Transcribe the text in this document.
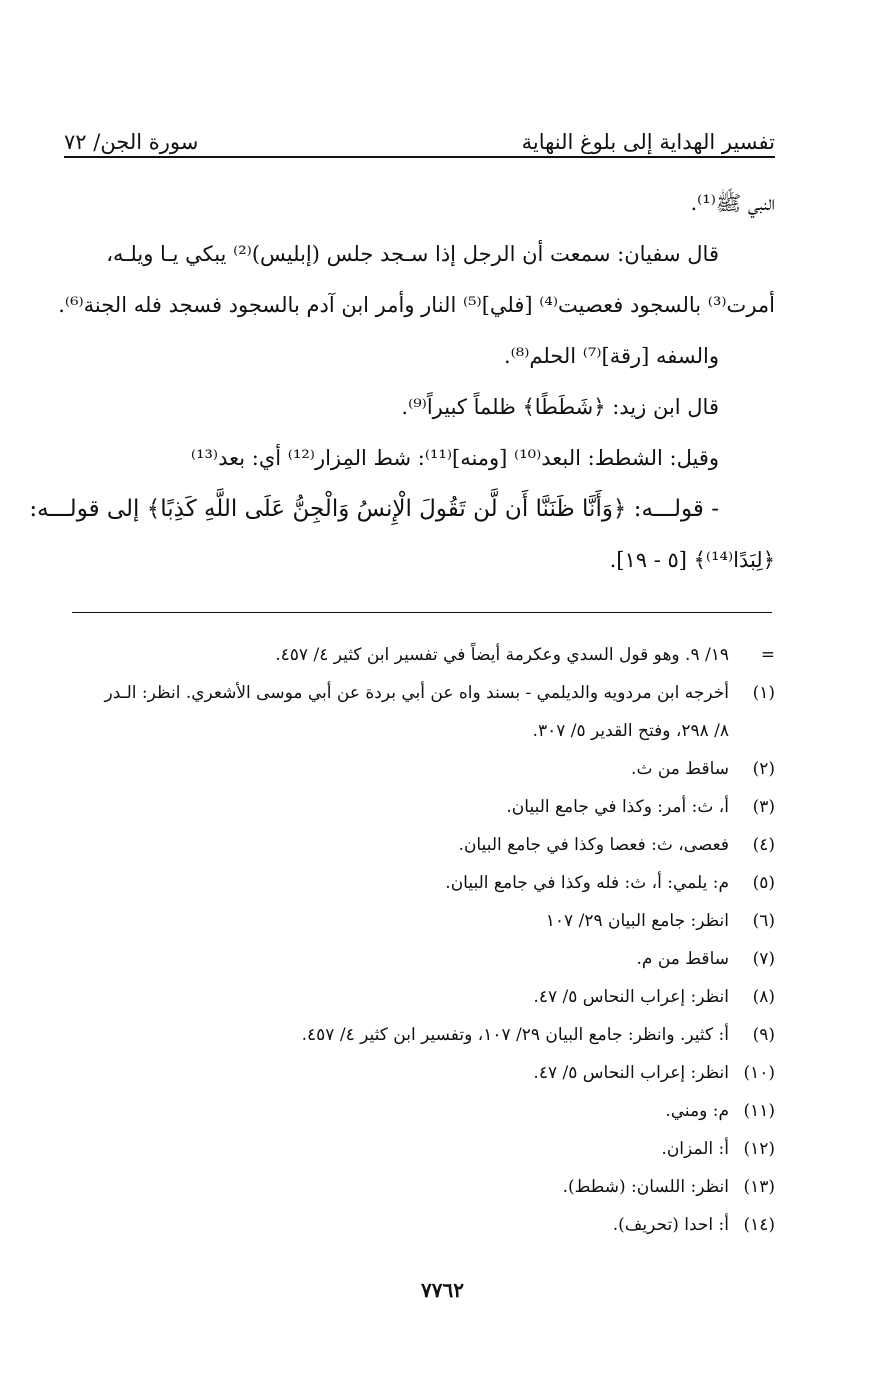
تفسير الهداية إلى بلوغ النهاية
سورة الجن/ ٧٢
النبي ﷺ⁽¹⁾.
قال سفيان: سمعت أن الرجل إذا سـجد جلس (إبليس)⁽²⁾ يبكي يـا ويلـه،
أمرت⁽³⁾ بالسجود فعصيت⁽⁴⁾ [فلي]⁽⁵⁾ النار وأمر ابن آدم بالسجود فسجد فله الجنة⁽⁶⁾.
والسفه [رقة]⁽⁷⁾ الحلم⁽⁸⁾.
قال ابن زيد: ﴿شَطَطًا﴾ ظلماً كبيراً⁽⁹⁾.
وقيل: الشطط: البعد⁽¹⁰⁾ [ومنه]⁽¹¹⁾: شط المِزار⁽¹²⁾ أي: بعد⁽¹³⁾
- قولـــه: ﴿وَأَنَّا ظَنَنَّا أَن لَّن تَقُولَ الْإِنسُ وَالْجِنُّ عَلَى اللَّهِ كَذِبًا﴾ إلى قولـــه:
﴿لِبَدًا⁽¹⁴⁾﴾ [٥ - ١٩].
=
١٩/ ٩. وهو قول السدي وعكرمة أيضاً في تفسير ابن كثير ٤/ ٤٥٧.
(١)
أخرجه ابن مردويه والديلمي - بسند واه عن أبي بردة عن أبي موسى الأشعري. انظر: الـدر
٨/ ٢٩٨، وفتح القدير ٥/ ٣٠٧.
(٢)
ساقط من ث.
(٣)
أ، ث: أمر: وكذا في جامع البيان.
(٤)
فعصى، ث: فعصا وكذا في جامع البيان.
(٥)
م: يلمي: أ، ث: فله وكذا في جامع البيان.
(٦)
انظر: جامع البيان ٢٩/ ١٠٧
(٧)
ساقط من م.
(٨)
انظر: إعراب النحاس ٥/ ٤٧.
(٩)
أ: كثير. وانظر: جامع البيان ٢٩/ ١٠٧، وتفسير ابن كثير ٤/ ٤٥٧.
(١٠)
انظر: إعراب النحاس ٥/ ٤٧.
(١١)
م: ومني.
(١٢)
أ: المزان.
(١٣)
انظر: اللسان: (شطط).
(١٤)
أ: احدا (تحريف).
٧٧٦٢
